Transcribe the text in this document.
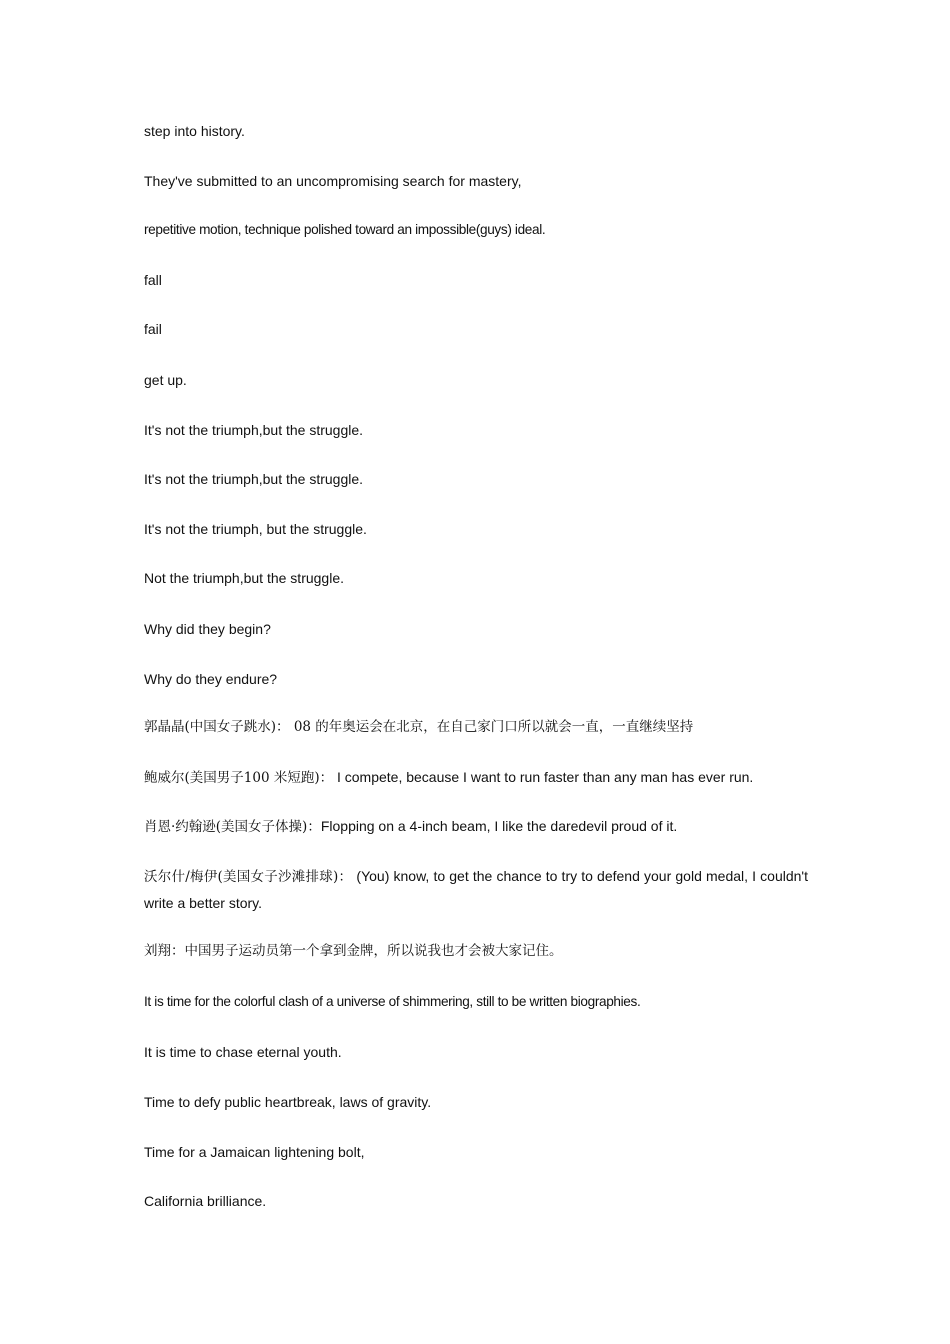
step into history.
They've submitted to an uncompromising search for mastery,
repetitive motion, technique polished toward an impossible(guys) ideal.
fall
fail
get up.
It's not the triumph,but the struggle.
It's not the triumph,but the struggle.
It's not the triumph, but the struggle.
Not the triumph,but the struggle.
Why did they begin?
Why do they endure?
郭晶晶(中国女子跳水)： 08 的年奥运会在北京，在自己家门口所以就会一直，一直继续坚持
鲍威尔(美国男子100 米短跑)： I compete, because I want to run faster than any man has ever run.
肖恩·约翰逊(美国女子体操)：Flopping on a 4-inch beam, I like the daredevil proud of it.
沃尔什/梅伊(美国女子沙滩排球)： (You) know, to get the chance to try to defend your gold medal, I couldn't write a better story.
刘翔：中国男子运动员第一个拿到金牌，所以说我也才会被大家记住。
It is time for the colorful clash of a universe of shimmering, still to be written biographies.
It is time to chase eternal youth.
Time to defy public heartbreak, laws of gravity.
Time for a Jamaican lightening bolt,
California brilliance.
